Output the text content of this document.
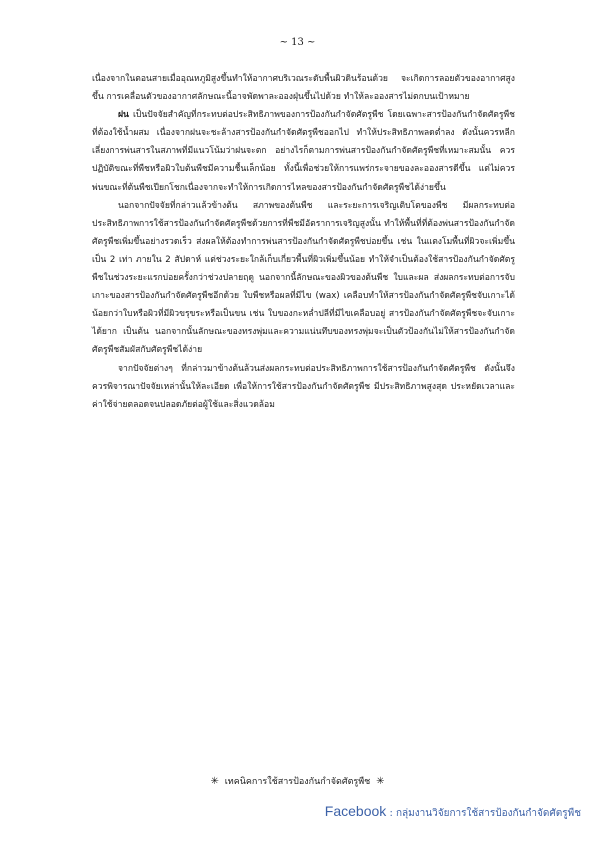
~ 13 ~

เนื่องจากในตอนสายเมื่ออุณหภูมิสูงขึ้นทำให้อากาศบริเวณระดับพื้นผิวดินร้อนด้วย จะเกิดการลอยตัวของอากาศสูงขึ้น การเคลื่อนตัวของอากาศลักษณะนี้อาจพัดพาละอองฝุ่นขึ้นไปด้วย ทำให้ละอองสารไม่ตกบนเป้าหมาย

ฝน เป็นปัจจัยสำคัญที่กระทบต่อประสิทธิภาพของการป้องกันกำจัดศัตรูพืช โดยเฉพาะสารป้องกันกำจัดศัตรูพืชที่ต้องใช้น้ำผสม เนื่องจากฝนจะชะล้างสารป้องกันกำจัดศัตรูพืชออกไป ทำให้ประสิทธิภาพลดต่ำลง ดังนั้นควรหลีกเลี่ยงการพ่นสารในสภาพที่มีแนวโน้มว่าฝนจะตก อย่างไรก็ตามการพ่นสารป้องกันกำจัดศัตรูพืชที่เหมาะสมนั้น ควรปฏิบัติขณะที่พืชหรือผิวใบต้นพืชมีความชื้นเล็กน้อย ทั้งนี้เพื่อช่วยให้การแพร่กระจายของละอองสารดีขึ้น แต่ไม่ควรพ่นขณะที่ต้นพืชเปียกโชกเนื่องจากจะทำให้การเกิดการไหลของสารป้องกันกำจัดศัตรูพืชได้ง่ายขึ้น

นอกจากปัจจัยที่กล่าวแล้วข้างต้น สภาพของต้นพืช และระยะการเจริญเติบโตของพืช มีผลกระทบต่อประสิทธิภาพการใช้สารป้องกันกำจัดศัตรูพืชด้วยการที่พืชมีอัตราการเจริญสูงนั้น ทำให้พื้นที่ที่ต้องพ่นสารป้องกันกำจัดศัตรูพืชเพิ่มขึ้นอย่างรวดเร็ว ส่งผลให้ต้องทำการพ่นสารป้องกันกำจัดศัตรูพืชบ่อยขึ้น เช่น ในแตงโมพื้นที่ผิวจะเพิ่มขึ้นเป็น 2 เท่า ภายใน 2 สัปดาห์ แต่ช่วงระยะใกล้เก็บเกี่ยวพื้นที่ผิวเพิ่มขึ้นน้อย ทำให้จำเป็นต้องใช้สารป้องกันกำจัดศัตรูพืชในช่วงระยะแรกบ่อยครั้งกว่าช่วงปลายฤดู นอกจากนี้ลักษณะของผิวของต้นพืช ใบและผล ส่งผลกระทบต่อการจับเกาะของสารป้องกันกำจัดศัตรูพืชอีกด้วย ใบพืชหรือผลที่มีไข (wax) เคลือบทำให้สารป้องกันกำจัดศัตรูพืชจับเกาะได้น้อยกว่าใบหรือผิวที่มีผิวขรุขระหรือเป็นขน เช่น ใบของกะหล่ำปลีที่มีไขเคลือบอยู่ สารป้องกันกำจัดศัตรูพืชจะจับเกาะได้ยาก เป็นต้น นอกจากนั้นลักษณะของทรงพุ่มและความแน่นทึบของทรงพุ่มจะเป็นตัวป้องกันไม่ให้สารป้องกันกำจัดศัตรูพืชสัมผัสกับศัตรูพืชได้ง่าย

จากปัจจัยต่างๆ ที่กล่าวมาข้างต้นล้วนส่งผลกระทบต่อประสิทธิภาพการใช้สารป้องกันกำจัดศัตรูพืช ดังนั้นจึงควรพิจารณาปัจจัยเหล่านั้นให้ละเอียด เพื่อให้การใช้สารป้องกันกำจัดศัตรูพืช มีประสิทธิภาพสูงสุด ประหยัดเวลาและค่าใช้จ่ายตลอดจนปลอดภัยต่อผู้ใช้และสิ่งแวดล้อม

✳ เทคนิคการใช้สารป้องกันกำจัดศัตรูพืช ✳
Facebook : กลุ่มงานวิจัยการใช้สารป้องกันกำจัดศัตรูพืช
